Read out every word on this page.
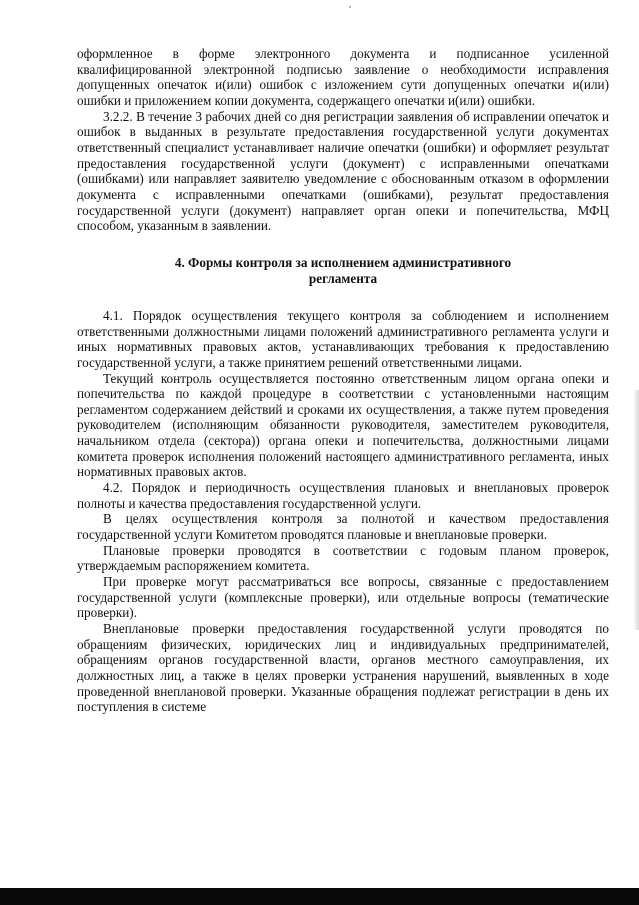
оформленное в форме электронного документа и подписанное усиленной квалифицированной электронной подписью заявление о необходимости исправления допущенных опечаток и(или) ошибок с изложением сути допущенных опечатки и(или) ошибки и приложением копии документа, содержащего опечатки и(или) ошибки.

3.2.2. В течение 3 рабочих дней со дня регистрации заявления об исправлении опечаток и ошибок в выданных в результате предоставления государственной услуги документах ответственный специалист устанавливает наличие опечатки (ошибки) и оформляет результат предоставления государственной услуги (документ) с исправленными опечатками (ошибками) или направляет заявителю уведомление с обоснованным отказом в оформлении документа с исправленными опечатками (ошибками), результат предоставления государственной услуги (документ) направляет орган опеки и попечительства, МФЦ способом, указанным в заявлении.

4. Формы контроля за исполнением административного
регламента

4.1. Порядок осуществления текущего контроля за соблюдением и исполнением ответственными должностными лицами положений административного регламента услуги и иных нормативных правовых актов, устанавливающих требования к предоставлению государственной услуги, а также принятием решений ответственными лицами.

Текущий контроль осуществляется постоянно ответственным лицом органа опеки и попечительства по каждой процедуре в соответствии с установленными настоящим регламентом содержанием действий и сроками их осуществления, а также путем проведения руководителем (исполняющим обязанности руководителя, заместителем руководителя, начальником отдела (сектора)) органа опеки и попечительства, должностными лицами комитета проверок исполнения положений настоящего административного регламента, иных нормативных правовых актов.

4.2. Порядок и периодичность осуществления плановых и внеплановых проверок полноты и качества предоставления государственной услуги.

В целях осуществления контроля за полнотой и качеством предоставления государственной услуги Комитетом проводятся плановые и внеплановые проверки.

Плановые проверки проводятся в соответствии с годовым планом проверок, утверждаемым распоряжением комитета.

При проверке могут рассматриваться все вопросы, связанные с предоставлением государственной услуги (комплексные проверки), или отдельные вопросы (тематические проверки).

Внеплановые проверки предоставления государственной услуги проводятся по обращениям физических, юридических лиц и индивидуальных предпринимателей, обращениям органов государственной власти, органов местного самоуправления, их должностных лиц, а также в целях проверки устранения нарушений, выявленных в ходе проведенной внеплановой проверки. Указанные обращения подлежат регистрации в день их поступления в системе
